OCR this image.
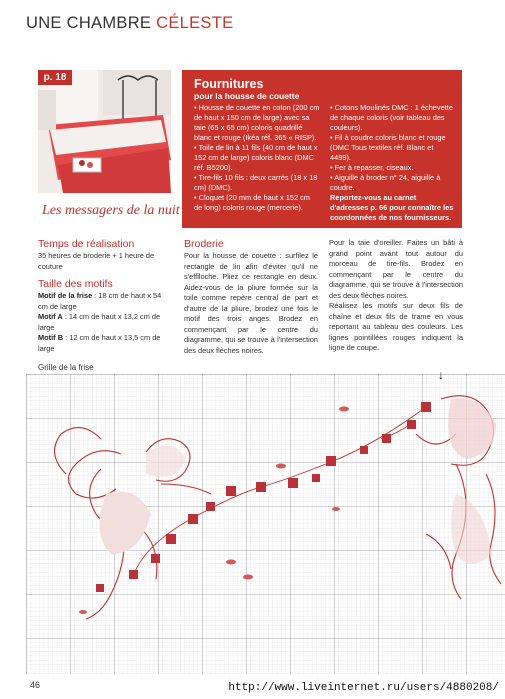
UNE CHAMBRE CÉLESTE
p. 18
Les messagers de la nuit
Fournitures
pour la housse de couette

• Housse de couette en coton (200 cm de haut x 150 cm de large) avec sa taie (65 x 65 cm) coloris quadrillé blanc et rouge (Ikéa réf. 365 « RISP).

• Toile de lin à 11 fils (40 cm de haut x 152 cm de large) coloris blanc (DMC réf. B5200).

• Tire-fils 10 fils : deux carrés (18 x 18 cm) (DMC).

• Cloquet (20 mm de haut x 152 cm de long) coloris rouge (mercerie).

• Cotons Moulinés DMC : 1 échevette de chaque coloris (voir tableau des couleurs).

• Fil à coudre coloris blanc et rouge (DMC Tous textiles réf. Blanc et 4499).

• Fer à repasser, ciseaux.

• Aiguille à broder n° 24, aiguille à coudre.

Reportez-vous au carnet d'adresses p. 66 pour connaître les coordonnées de nos fournisseurs.

Temps de réalisation
35 heures de broderie + 1 heure de couture
Taille des motifs
Motif de la frise : 18 cm de haut x 54 cm de large
Motif A : 14 cm de haut x 13,2 cm de large
Motif B : 12 cm de haut x 13,5 cm de large
Broderie
Pour la housse de couette : surfilez le rectangle de lin afin d'éviter qu'il ne s'effiloche. Pliez ce rectangle en deux. Aidez-vous de la pliure formée sur la toile comme repère central de part et d'autre de la pliure, brodez une fois le motif des trois anges. Brodez en commençant par le centre du diagramme, qui se trouve à l'intersection des deux flèches noires.
Pour la taie d'oreiller. Faites un bâti à grand point avant tout autour du morceau de tire-fils. Brodez en commençant par le centre du diagramme, qui se trouve à l'intersection des deux flèches noires.
Réalisez les motifs sur deux fils de chaîne et deux fils de trame en vous reportant au tableau des couleurs. Les lignes pointillées rouges indiquent la ligne de coupe.
Grille de la frise
↓
46	http://www.liveinternet.ru/users/4880208/
